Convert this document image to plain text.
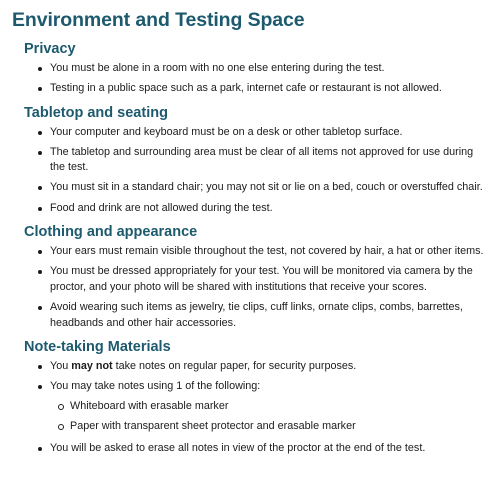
Environment and Testing Space
Privacy
You must be alone in a room with no one else entering during the test.
Testing in a public space such as a park, internet cafe or restaurant is not allowed.
Tabletop and seating
Your computer and keyboard must be on a desk or other tabletop surface.
The tabletop and surrounding area must be clear of all items not approved for use during the test.
You must sit in a standard chair; you may not sit or lie on a bed, couch or overstuffed chair.
Food and drink are not allowed during the test.
Clothing and appearance
Your ears must remain visible throughout the test, not covered by hair, a hat or other items.
You must be dressed appropriately for your test. You will be monitored via camera by the proctor, and your photo will be shared with institutions that receive your scores.
Avoid wearing such items as jewelry, tie clips, cuff links, ornate clips, combs, barrettes, headbands and other hair accessories.
Note-taking Materials
You may not take notes on regular paper, for security purposes.
You may take notes using 1 of the following:
Whiteboard with erasable marker
Paper with transparent sheet protector and erasable marker
You will be asked to erase all notes in view of the proctor at the end of the test.
